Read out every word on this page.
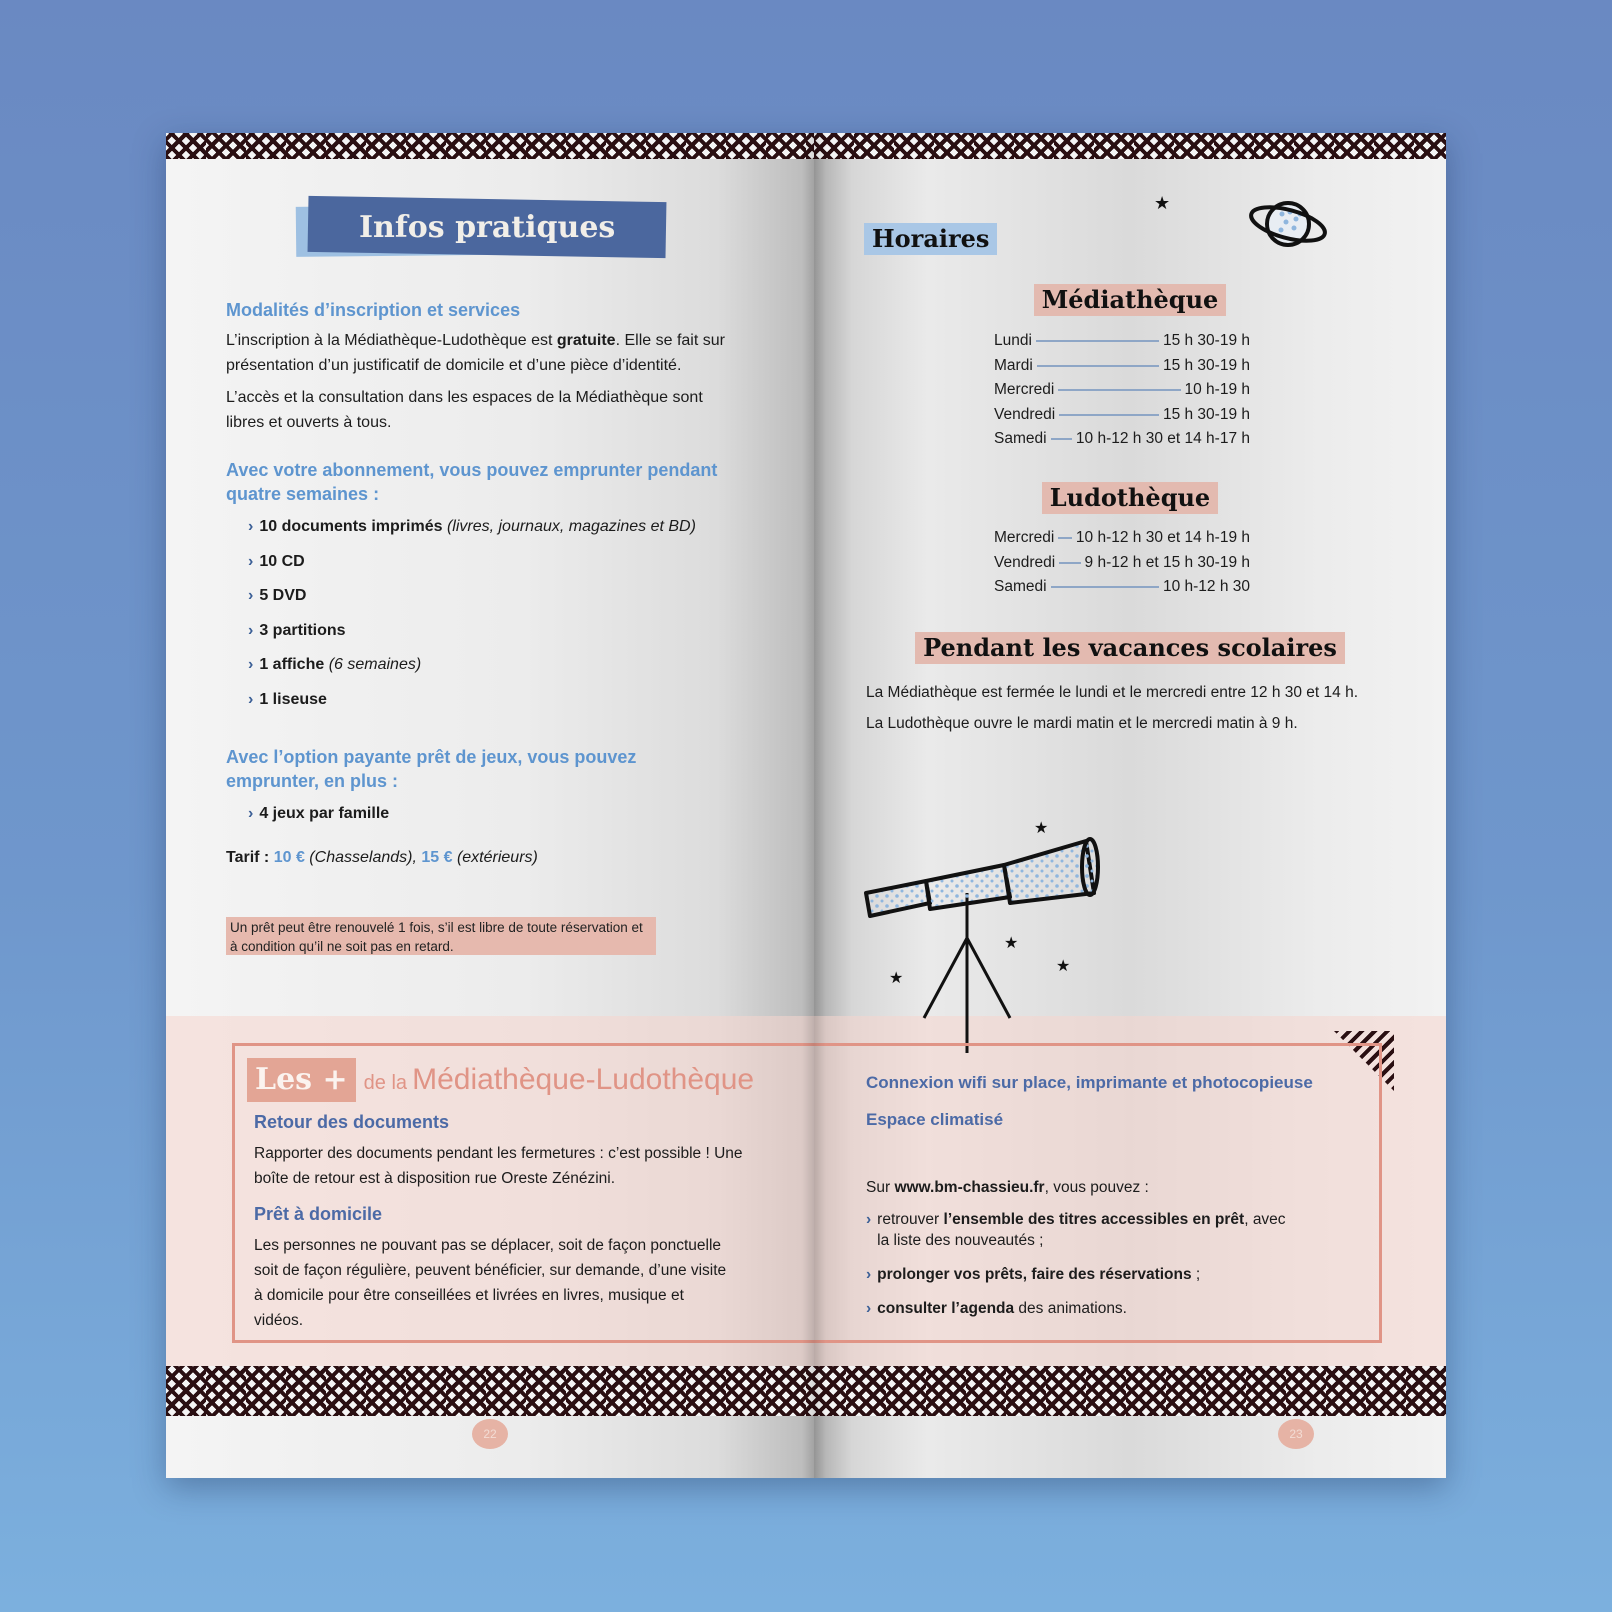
Infos pratiques
Modalités d’inscription et services
L’inscription à la Médiathèque-Ludothèque est gratuite. Elle se fait sur présentation d’un justificatif de domicile et d’une pièce d’identité.
L’accès et la consultation dans les espaces de la Médiathèque sont libres et ouverts à tous.
Avec votre abonnement, vous pouvez emprunter pendant quatre semaines :
› 10 documents imprimés (livres, journaux, magazines et BD)
› 10 CD
› 5 DVD
› 3 partitions
› 1 affiche (6 semaines)
› 1 liseuse
Avec l’option payante prêt de jeux, vous pouvez emprunter, en plus :
› 4 jeux par famille
Tarif : 10 € (Chasselands), 15 € (extérieurs)
Un prêt peut être renouvelé 1 fois, s’il est libre de toute réservation et à condition qu’il ne soit pas en retard.
22
Horaires
★
Médiathèque
Lundi	15 h 30-19 h
Mardi	15 h 30-19 h
Mercredi	10 h-19 h
Vendredi	15 h 30-19 h
Samedi 10 h-12 h 30 et 14 h-17 h
Ludothèque
Mercredi 10 h-12 h 30 et 14 h-19 h
Vendredi 9 h-12 h et 15 h 30-19 h
Samedi	10 h-12 h 30
Pendant les vacances scolaires
La Médiathèque est fermée le lundi et le mercredi entre 12 h 30 et 14 h.
La Ludothèque ouvre le mardi matin et le mercredi matin à 9 h.
★
★
★
★
Connexion wifi sur place, imprimante et photocopieuse
Espace climatisé
Sur www.bm-chassieu.fr, vous pouvez :
› retrouver l’ensemble des titres accessibles en prêt, avec la liste des nouveautés ;
› prolonger vos prêts, faire des réservations ;
› consulter l’agenda des animations.
23
Les + de la Médiathèque-Ludothèque
Retour des documents
Rapporter des documents pendant les fermetures : c’est possible ! Une boîte de retour est à disposition rue Oreste Zénézini.
Prêt à domicile
Les personnes ne pouvant pas se déplacer, soit de façon ponctuelle soit de façon régulière, peuvent bénéficier, sur demande, d’une visite à domicile pour être conseillées et livrées en livres, musique et vidéos.
